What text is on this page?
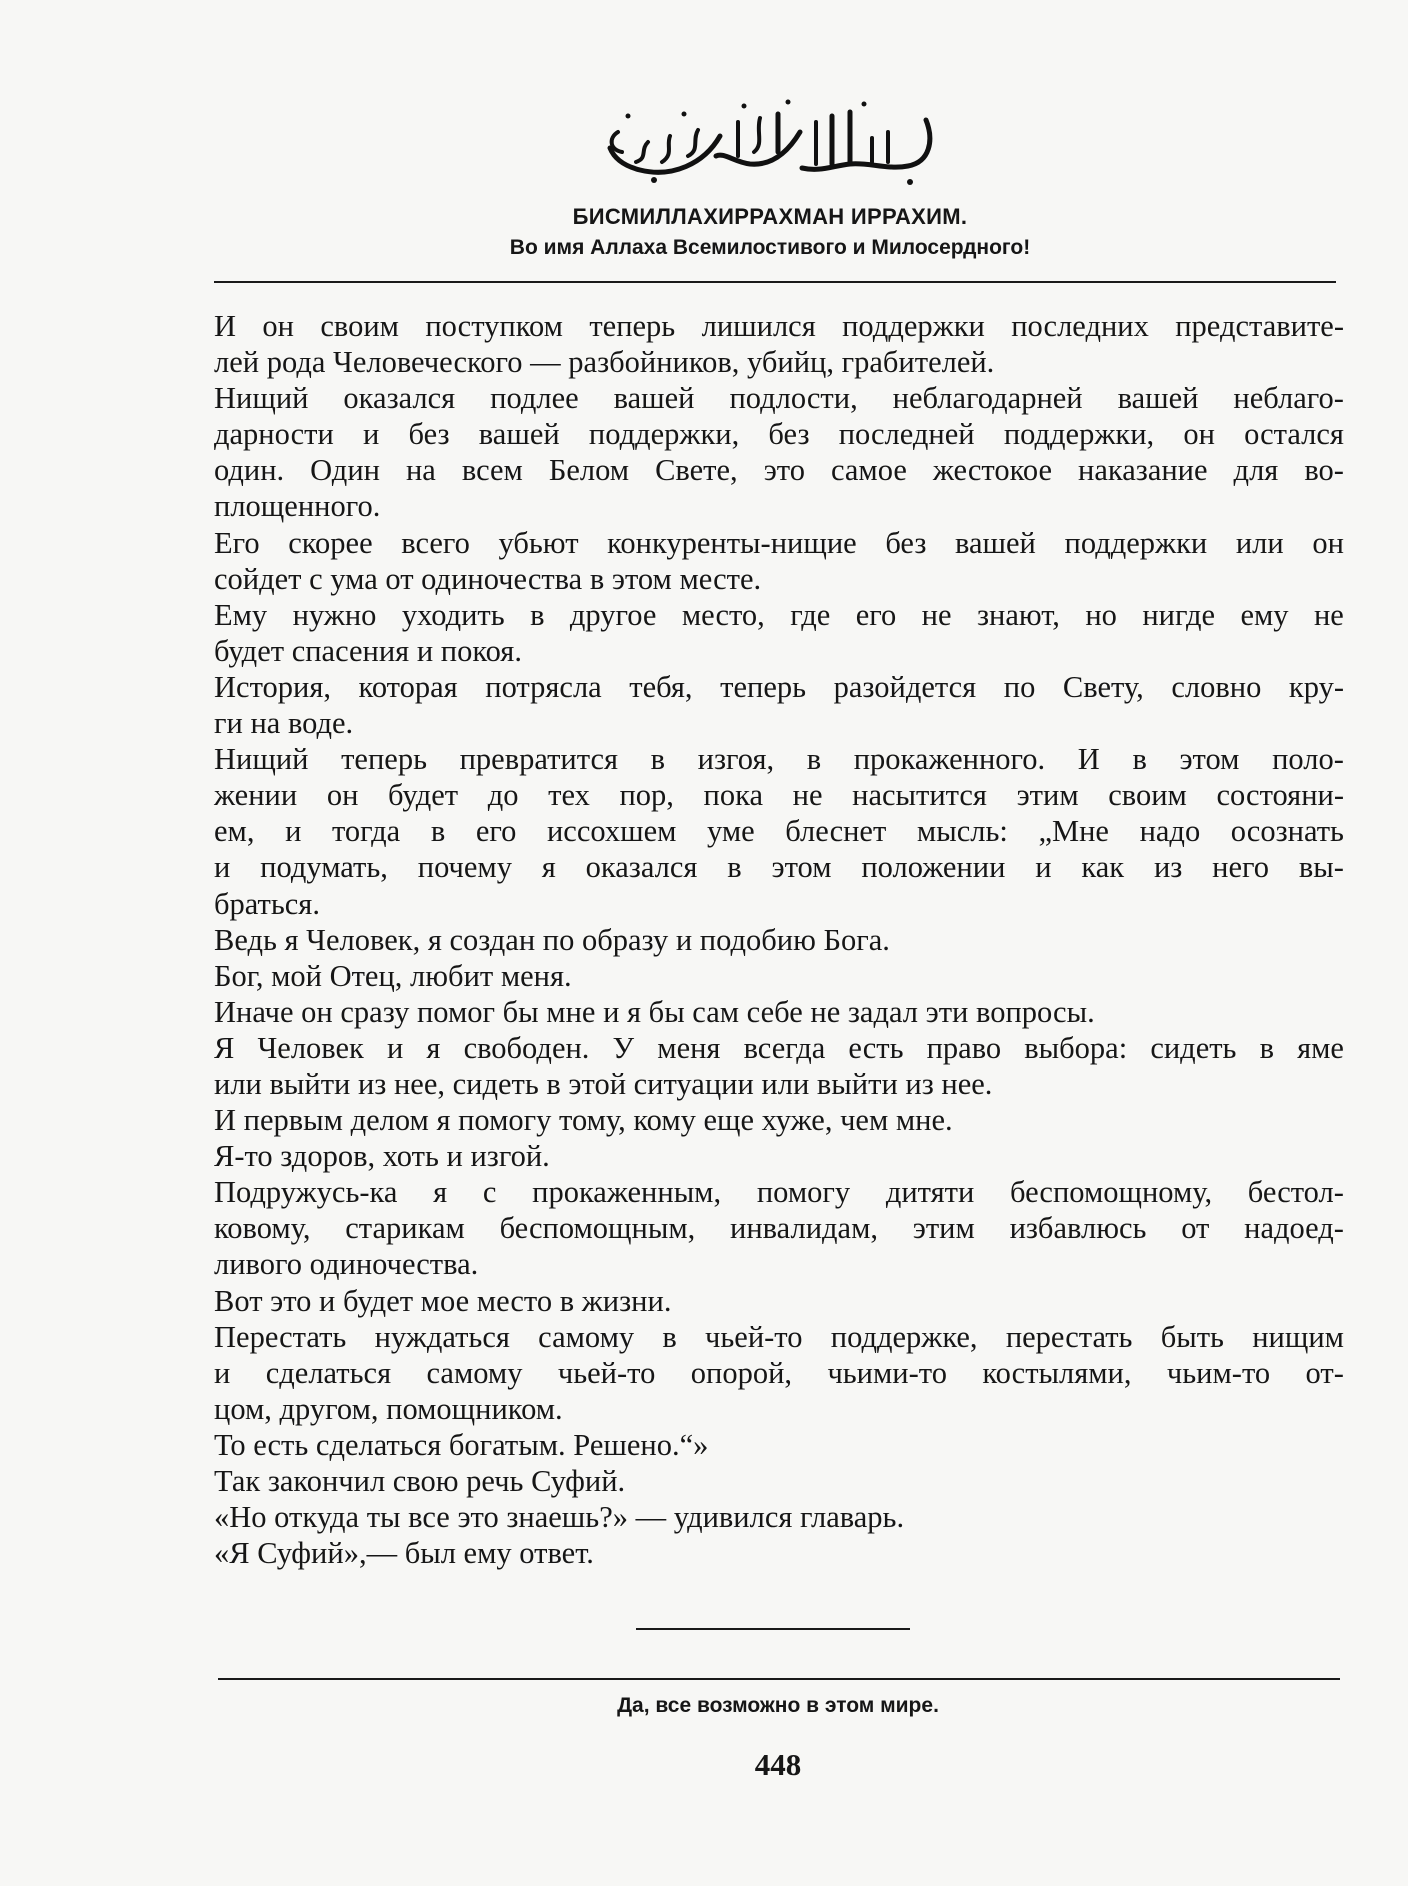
БИСМИЛЛАХИРРАХМАН ИРРАХИМ.
Во имя Аллаха Всемилостивого и Милосердного!
И он своим поступком теперь лишился поддержки последних представите-
лей рода Человеческого — разбойников, убийц, грабителей.
Нищий оказался подлее вашей подлости, неблагодарней вашей неблаго-
дарности и без вашей поддержки, без последней поддержки, он остался
один. Один на всем Белом Свете, это самое жестокое наказание для во-
площенного.
Его скорее всего убьют конкуренты-нищие без вашей поддержки или он
сойдет с ума от одиночества в этом месте.
Ему нужно уходить в другое место, где его не знают, но нигде ему не
будет спасения и покоя.
История, которая потрясла тебя, теперь разойдется по Свету, словно кру-
ги на воде.
Нищий теперь превратится в изгоя, в прокаженного. И в этом поло-
жении он будет до тех пор, пока не насытится этим своим состояни-
ем, и тогда в его иссохшем уме блеснет мысль: „Мне надо осознать
и подумать, почему я оказался в этом положении и как из него вы-
браться.
Ведь я Человек, я создан по образу и подобию Бога.
Бог, мой Отец, любит меня.
Иначе он сразу помог бы мне и я бы сам себе не задал эти вопросы.
Я Человек и я свободен. У меня всегда есть право выбора: сидеть в яме
или выйти из нее, сидеть в этой ситуации или выйти из нее.
И первым делом я помогу тому, кому еще хуже, чем мне.
Я-то здоров, хоть и изгой.
Подружусь-ка я с прокаженным, помогу дитяти беспомощному, бестол-
ковому, старикам беспомощным, инвалидам, этим избавлюсь от надоед-
ливого одиночества.
Вот это и будет мое место в жизни.
Перестать нуждаться самому в чьей-то поддержке, перестать быть нищим
и сделаться самому чьей-то опорой, чьими-то костылями, чьим-то от-
цом, другом, помощником.
То есть сделаться богатым. Решено.“»
Так закончил свою речь Суфий.
«Но откуда ты все это знаешь?» — удивился главарь.
«Я Суфий»,— был ему ответ.
Да, все возможно в этом мире.
448
